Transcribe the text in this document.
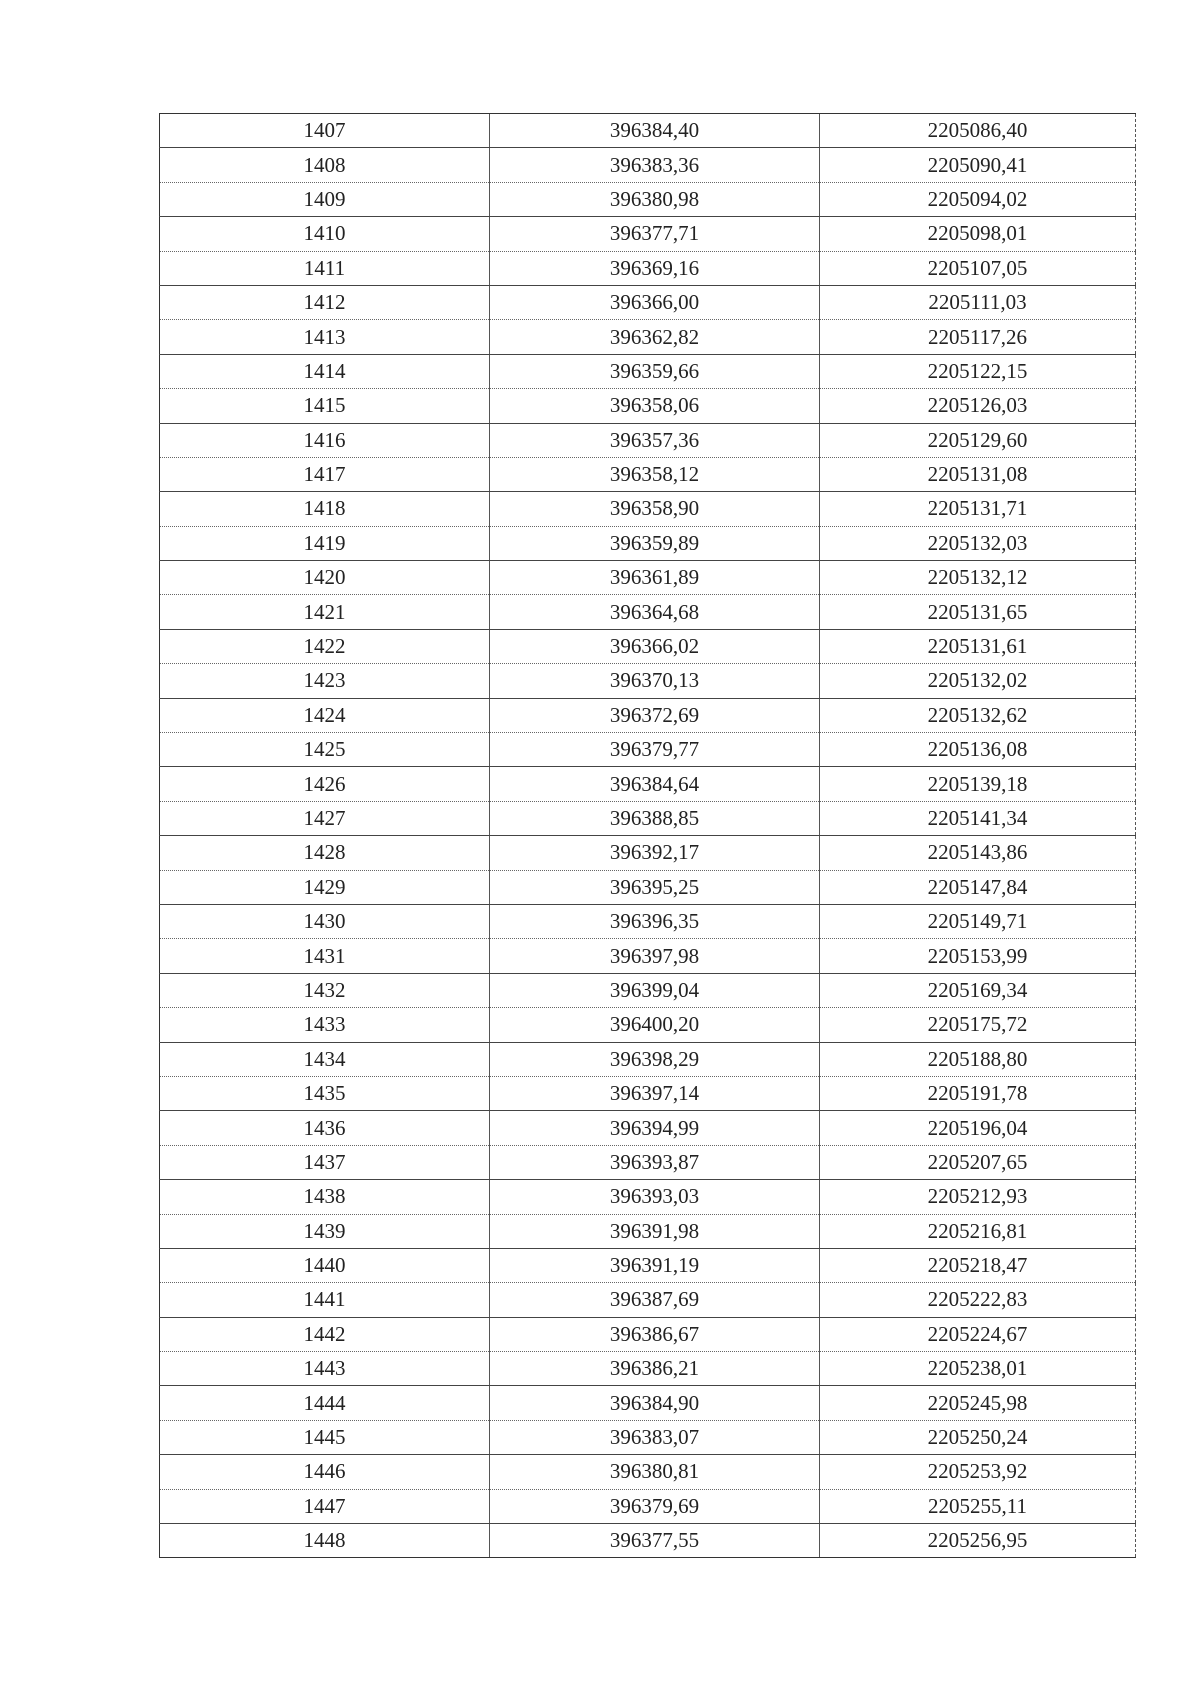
1407	396384,40	2205086,40
1408	396383,36	2205090,41
1409	396380,98	2205094,02
1410	396377,71	2205098,01
1411	396369,16	2205107,05
1412	396366,00	2205111,03
1413	396362,82	2205117,26
1414	396359,66	2205122,15
1415	396358,06	2205126,03
1416	396357,36	2205129,60
1417	396358,12	2205131,08
1418	396358,90	2205131,71
1419	396359,89	2205132,03
1420	396361,89	2205132,12
1421	396364,68	2205131,65
1422	396366,02	2205131,61
1423	396370,13	2205132,02
1424	396372,69	2205132,62
1425	396379,77	2205136,08
1426	396384,64	2205139,18
1427	396388,85	2205141,34
1428	396392,17	2205143,86
1429	396395,25	2205147,84
1430	396396,35	2205149,71
1431	396397,98	2205153,99
1432	396399,04	2205169,34
1433	396400,20	2205175,72
1434	396398,29	2205188,80
1435	396397,14	2205191,78
1436	396394,99	2205196,04
1437	396393,87	2205207,65
1438	396393,03	2205212,93
1439	396391,98	2205216,81
1440	396391,19	2205218,47
1441	396387,69	2205222,83
1442	396386,67	2205224,67
1443	396386,21	2205238,01
1444	396384,90	2205245,98
1445	396383,07	2205250,24
1446	396380,81	2205253,92
1447	396379,69	2205255,11
1448	396377,55	2205256,95
